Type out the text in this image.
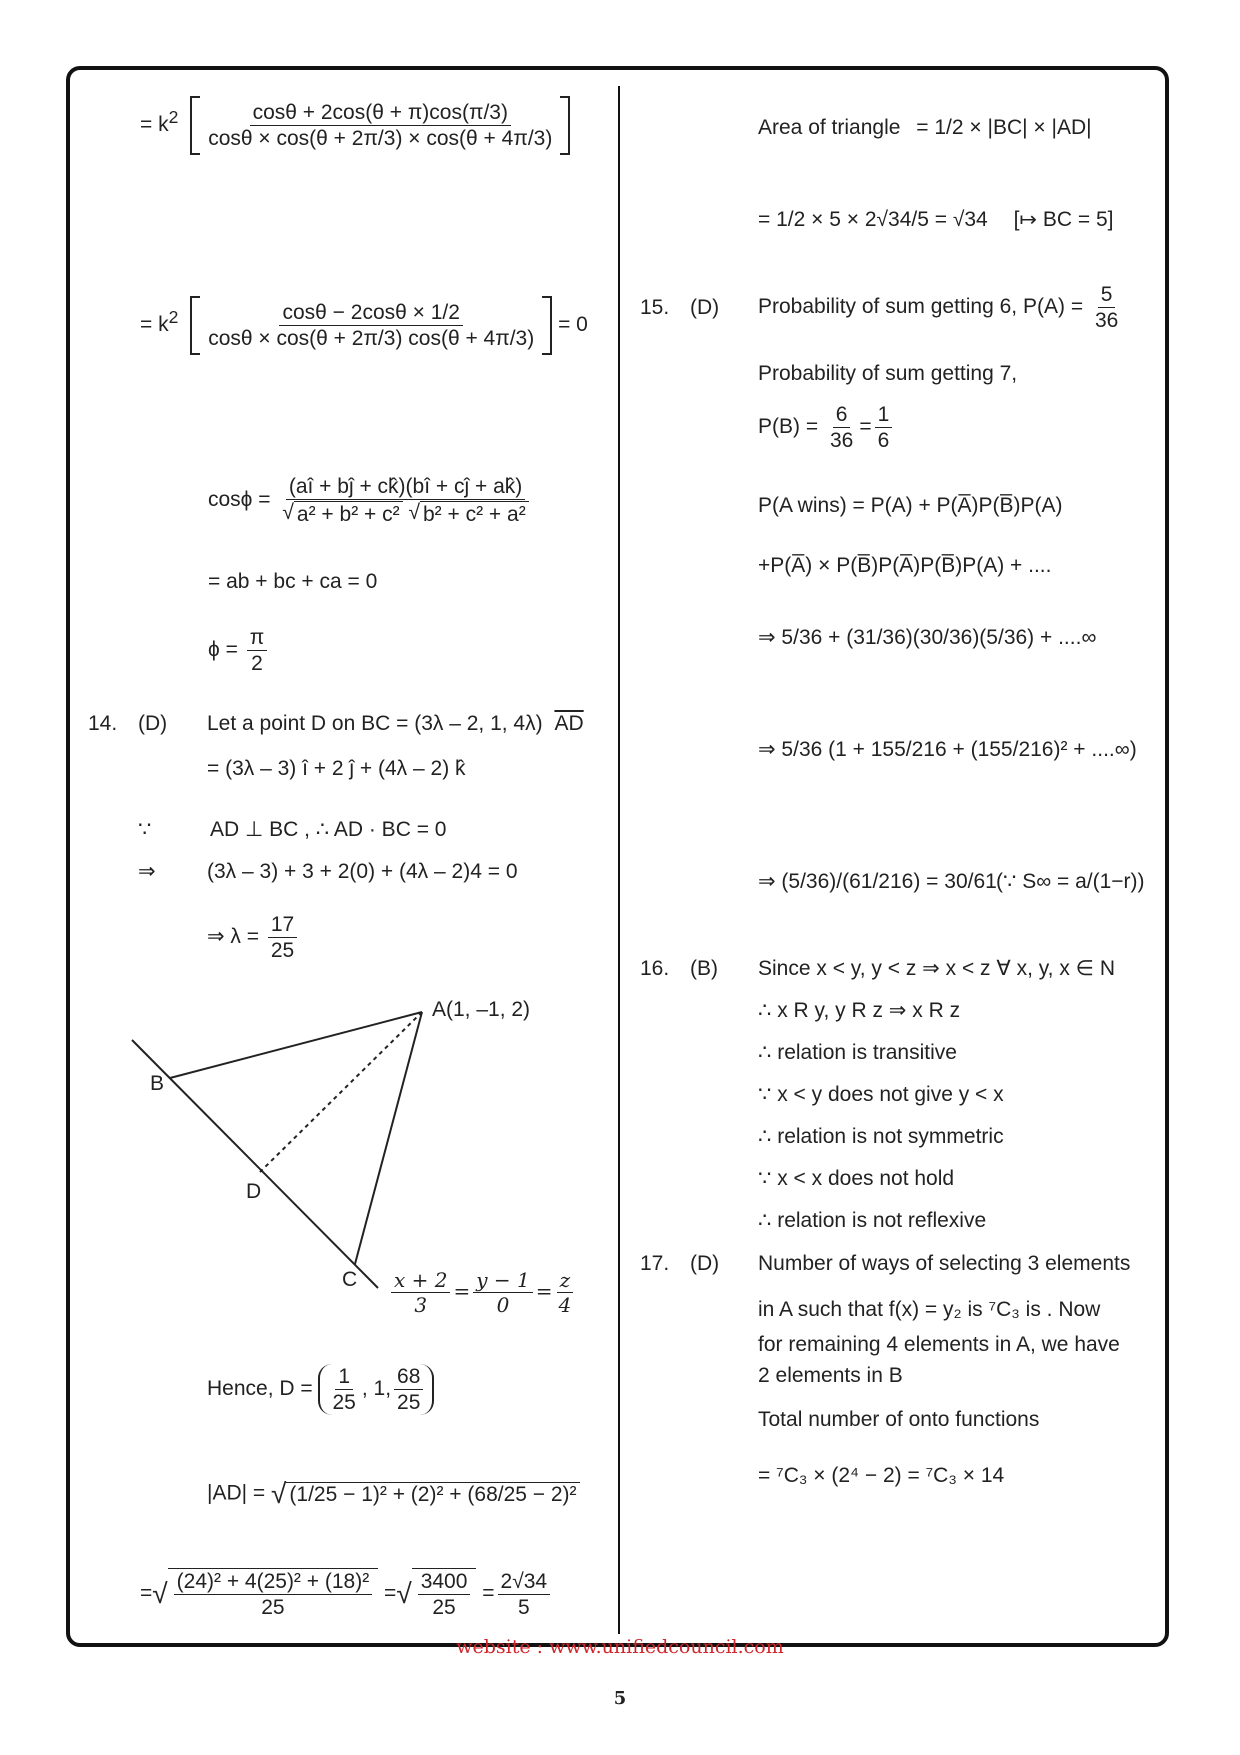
= $k^2 \frac{\cos\theta + 2\cos(\theta + \pi)\cos(\pi/3)}{\cos\theta \times \cos(\theta + 2\pi/3) \times \cos(\theta + 4\pi/3)}$
= $k^2 \frac{\cos\theta - 2\cos\theta \times 1/2}{\cos\theta \times \cos(\theta + 2\pi/3) \cos(\theta + 4\pi/3)} = 0$
$\cos\phi = \frac{(aî + bĵ + ck̂)(bî + cĵ + ak̂)}{\text{√ a² + b² + c² √ b² + c² + a²}}$
= ab + bc + ca = 0
$\phi = \frac{\pi}{2}$
14. (D) Let a point D on BC = (3λ – 2, 1, 4λ) $\overline{AD}$
= (3λ – 3) î + 2 ĵ + (4λ – 2) k̂
∵	AD ⊥ BC , ∴ AD · BC = 0
⇒ (3λ – 3) + 3 + 2(0) + (4λ – 2)4 = 0
⇒ $\lambda = \frac{17}{25}$
A(1, –1, 2)
B
D
C $\frac{x + 2}{3} = \frac{y - 1}{0} = \frac{z}{4}$
Hence, $D = \frac{1}{25}$ , 1, $\frac{68}{25}$
|AD| = √ (1/25 − 1)² + (2)² + (68/25 − 2)²
=√ $\frac{\text{(24)² + 4(25)² + (18)²}}{25}$ =√ $\frac{3400}{25} = \frac{2√34}{5}$
Area of triangle = 1/2 × |BC| × |AD|
= 1/2 × 5 × 2√34/5 = √34 [↦ BC = 5]
15. (D) Probability of sum getting 6, $P(A) = \frac{5}{36}$
Probability of sum getting 7,
$P(B) = \frac{6}{36} = \frac{1}{6}$
P(A wins) = P(A) + P(A̅)P(B̅)P(A)
+P(A̅) × P(B̅)P(A̅)P(B̅)P(A) + ....
⇒ 5/36 + (31/36)(30/36)(5/36) + ....∞
⇒ 5/36 (1 + 155/216 + (155/216)² + ....∞)
⇒ (5/36)/(61/216) = 30/61 (∵ S∞ = a/(1−r))
16. (B) Since x < y, y < z ⇒ x < z ∀ x, y, x ∈ N
∴ x R y, y R z ⇒ x R z
∴ relation is transitive
∵ x < y does not give y < x
∴ relation is not symmetric
∵ x < x does not hold
∴ relation is not reflexive
17. (D) Number of ways of selecting 3 elements
in A such that f(x) = y₂ is ⁷C₃ is . Now
for remaining 4 elements in A, we have
2 elements in B
Total number of onto functions
= ⁷C₃ × (2⁴ − 2) = ⁷C₃ × 14
website : www.unifiedcouncil.com
5
